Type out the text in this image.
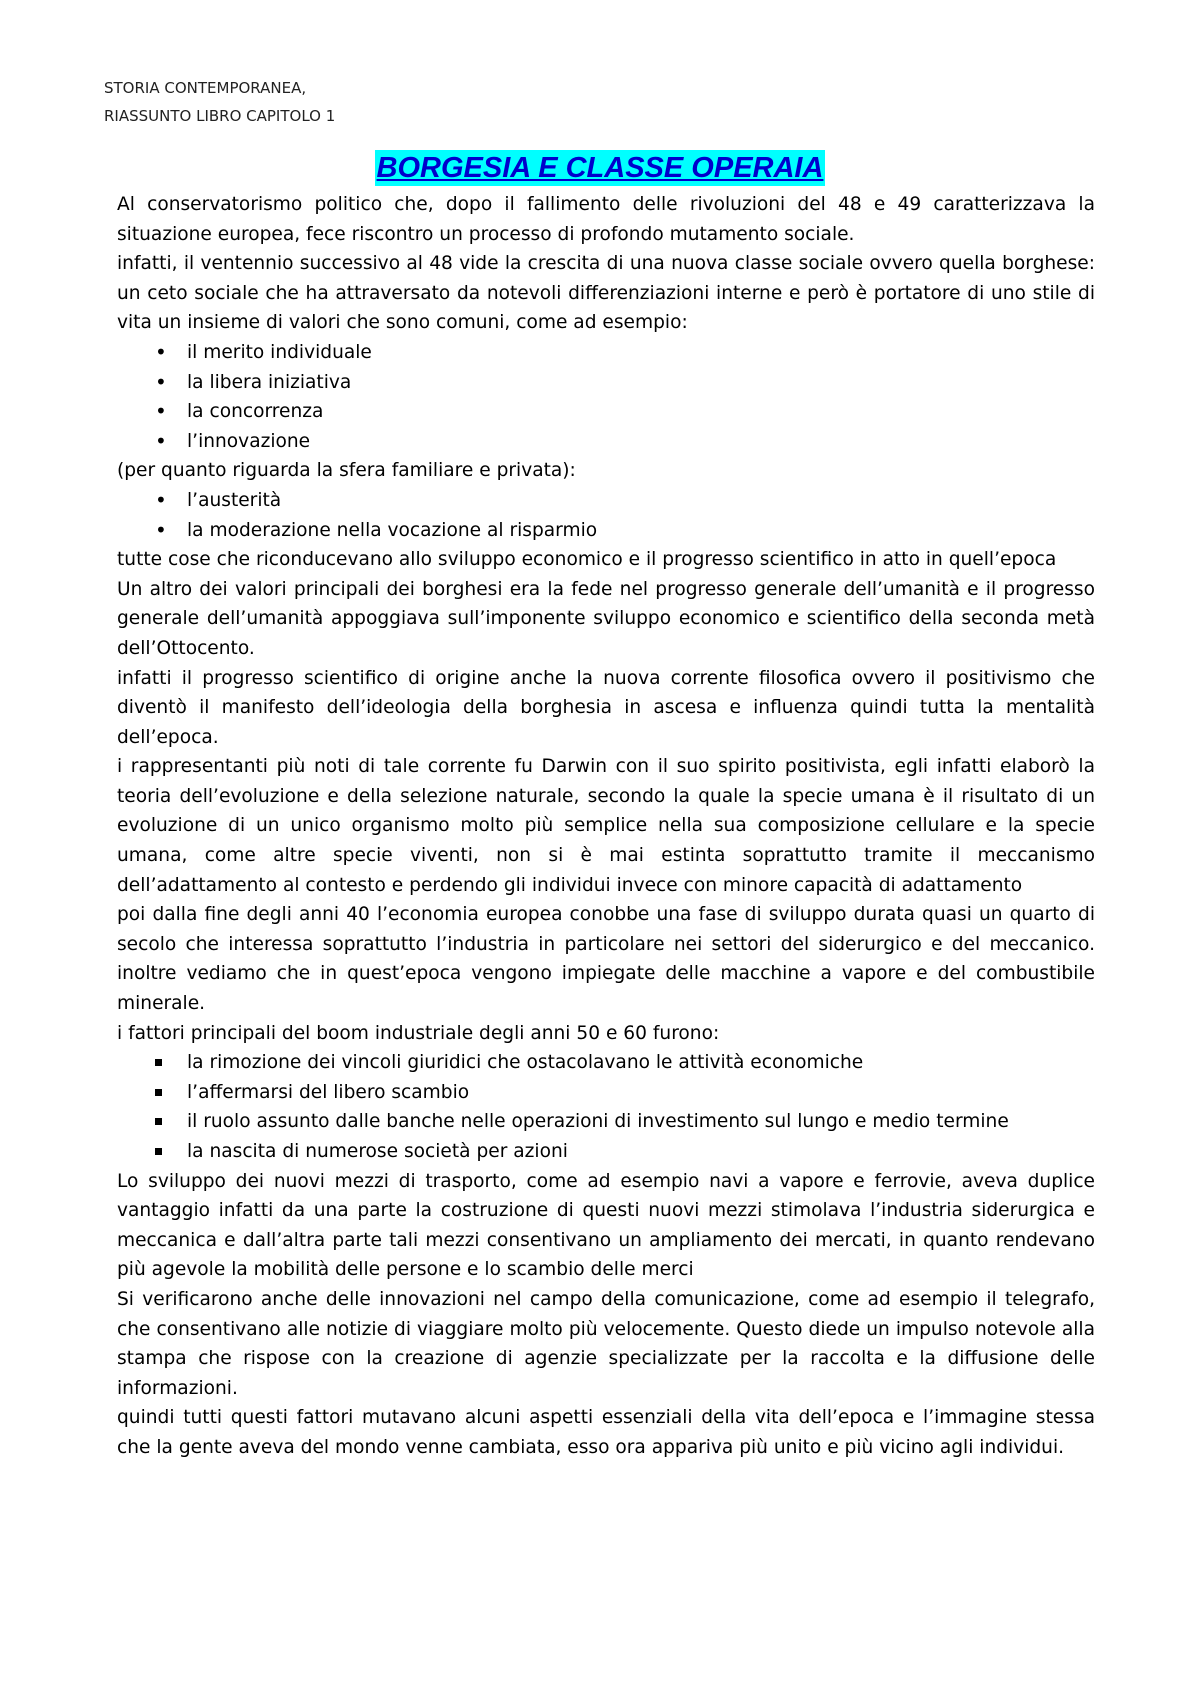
STORIA CONTEMPORANEA,
RIASSUNTO LIBRO CAPITOLO 1
BORGESIA E CLASSE OPERAIA

Al conservatorismo politico che, dopo il fallimento delle rivoluzioni del 48 e 49 caratterizzava la situazione europea, fece riscontro un processo di profondo mutamento sociale.

infatti, il ventennio successivo al 48 vide la crescita di una nuova classe sociale ovvero quella borghese: un ceto sociale che ha attraversato da notevoli differenziazioni interne e però è portatore di uno stile di vita un insieme di valori che sono comuni, come ad esempio:

•	il merito individuale
•	la libera iniziativa
•	la concorrenza
•	l’innovazione

(per quanto riguarda la sfera familiare e privata):

•	l’austerità
•	la moderazione nella vocazione al risparmio

tutte cose che riconducevano allo sviluppo economico e il progresso scientifico in atto in quell’epoca

Un altro dei valori principali dei borghesi era la fede nel progresso generale dell’umanità e il progresso generale dell’umanità appoggiava sull’imponente sviluppo economico e scientifico della seconda metà dell’Ottocento.

infatti il progresso scientifico di origine anche la nuova corrente filosofica ovvero il positivismo che diventò il manifesto dell’ideologia della borghesia in ascesa e influenza quindi tutta la mentalità dell’epoca.

i rappresentanti più noti di tale corrente fu Darwin con il suo spirito positivista, egli infatti elaborò la teoria dell’evoluzione e della selezione naturale, secondo la quale la specie umana è il risultato di un evoluzione di un unico organismo molto più semplice nella sua composizione cellulare e la specie umana, come altre specie viventi, non si è mai estinta soprattutto tramite il meccanismo dell’adattamento al contesto e perdendo gli individui invece con minore capacità di adattamento

poi dalla fine degli anni 40 l’economia europea conobbe una fase di sviluppo durata quasi un quarto di secolo che interessa soprattutto l’industria in particolare nei settori del siderurgico e del meccanico. inoltre vediamo che in quest’epoca vengono impiegate delle macchine a vapore e del combustibile minerale.

i fattori principali del boom industriale degli anni 50 e 60 furono:

la rimozione dei vincoli giuridici che ostacolavano le attività economiche
l’affermarsi del libero scambio
il ruolo assunto dalle banche nelle operazioni di investimento sul lungo e medio termine
la nascita di numerose società per azioni

Lo sviluppo dei nuovi mezzi di trasporto, come ad esempio navi a vapore e ferrovie, aveva duplice vantaggio infatti da una parte la costruzione di questi nuovi mezzi stimolava l’industria siderurgica e meccanica e dall’altra parte tali mezzi consentivano un ampliamento dei mercati, in quanto rendevano più agevole la mobilità delle persone e lo scambio delle merci

Si verificarono anche delle innovazioni nel campo della comunicazione, come ad esempio il telegrafo, che consentivano alle notizie di viaggiare molto più velocemente. Questo diede un impulso notevole alla stampa che rispose con la creazione di agenzie specializzate per la raccolta e la diffusione delle informazioni.

quindi tutti questi fattori mutavano alcuni aspetti essenziali della vita dell’epoca e l’immagine stessa che la gente aveva del mondo venne cambiata, esso ora appariva più unito e più vicino agli individui.
